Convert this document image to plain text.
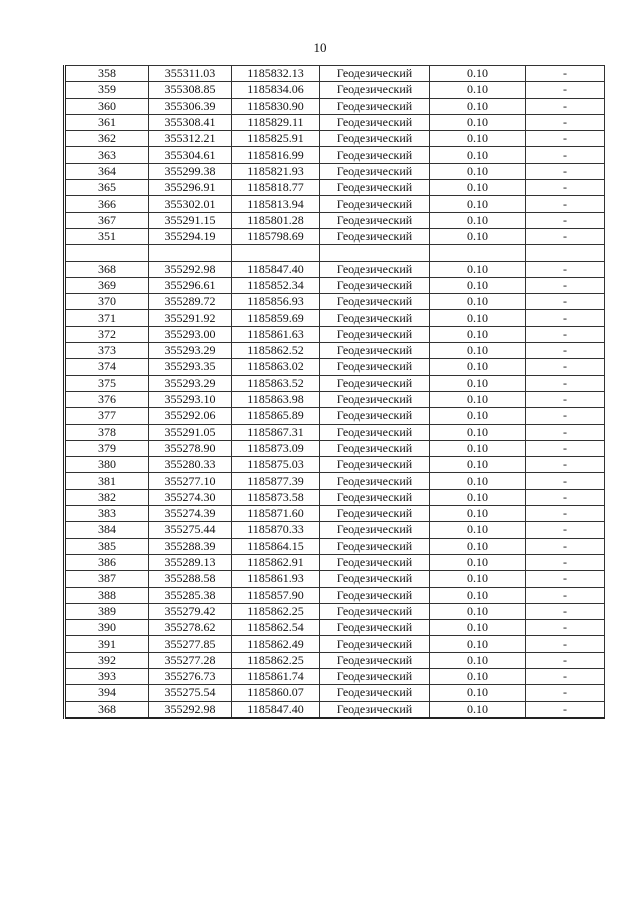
10
358	355311.03	1185832.13	Геодезический	0.10	-
359	355308.85	1185834.06	Геодезический	0.10	-
360	355306.39	1185830.90	Геодезический	0.10	-
361	355308.41	1185829.11	Геодезический	0.10	-
362	355312.21	1185825.91	Геодезический	0.10	-
363	355304.61	1185816.99	Геодезический	0.10	-
364	355299.38	1185821.93	Геодезический	0.10	-
365	355296.91	1185818.77	Геодезический	0.10	-
366	355302.01	1185813.94	Геодезический	0.10	-
367	355291.15	1185801.28	Геодезический	0.10	-
351	355294.19	1185798.69	Геодезический	0.10	-

368	355292.98	1185847.40	Геодезический	0.10	-
369	355296.61	1185852.34	Геодезический	0.10	-
370	355289.72	1185856.93	Геодезический	0.10	-
371	355291.92	1185859.69	Геодезический	0.10	-
372	355293.00	1185861.63	Геодезический	0.10	-
373	355293.29	1185862.52	Геодезический	0.10	-
374	355293.35	1185863.02	Геодезический	0.10	-
375	355293.29	1185863.52	Геодезический	0.10	-
376	355293.10	1185863.98	Геодезический	0.10	-
377	355292.06	1185865.89	Геодезический	0.10	-
378	355291.05	1185867.31	Геодезический	0.10	-
379	355278.90	1185873.09	Геодезический	0.10	-
380	355280.33	1185875.03	Геодезический	0.10	-
381	355277.10	1185877.39	Геодезический	0.10	-
382	355274.30	1185873.58	Геодезический	0.10	-
383	355274.39	1185871.60	Геодезический	0.10	-
384	355275.44	1185870.33	Геодезический	0.10	-
385	355288.39	1185864.15	Геодезический	0.10	-
386	355289.13	1185862.91	Геодезический	0.10	-
387	355288.58	1185861.93	Геодезический	0.10	-
388	355285.38	1185857.90	Геодезический	0.10	-
389	355279.42	1185862.25	Геодезический	0.10	-
390	355278.62	1185862.54	Геодезический	0.10	-
391	355277.85	1185862.49	Геодезический	0.10	-
392	355277.28	1185862.25	Геодезический	0.10	-
393	355276.73	1185861.74	Геодезический	0.10	-
394	355275.54	1185860.07	Геодезический	0.10	-
368	355292.98	1185847.40	Геодезический	0.10	-
